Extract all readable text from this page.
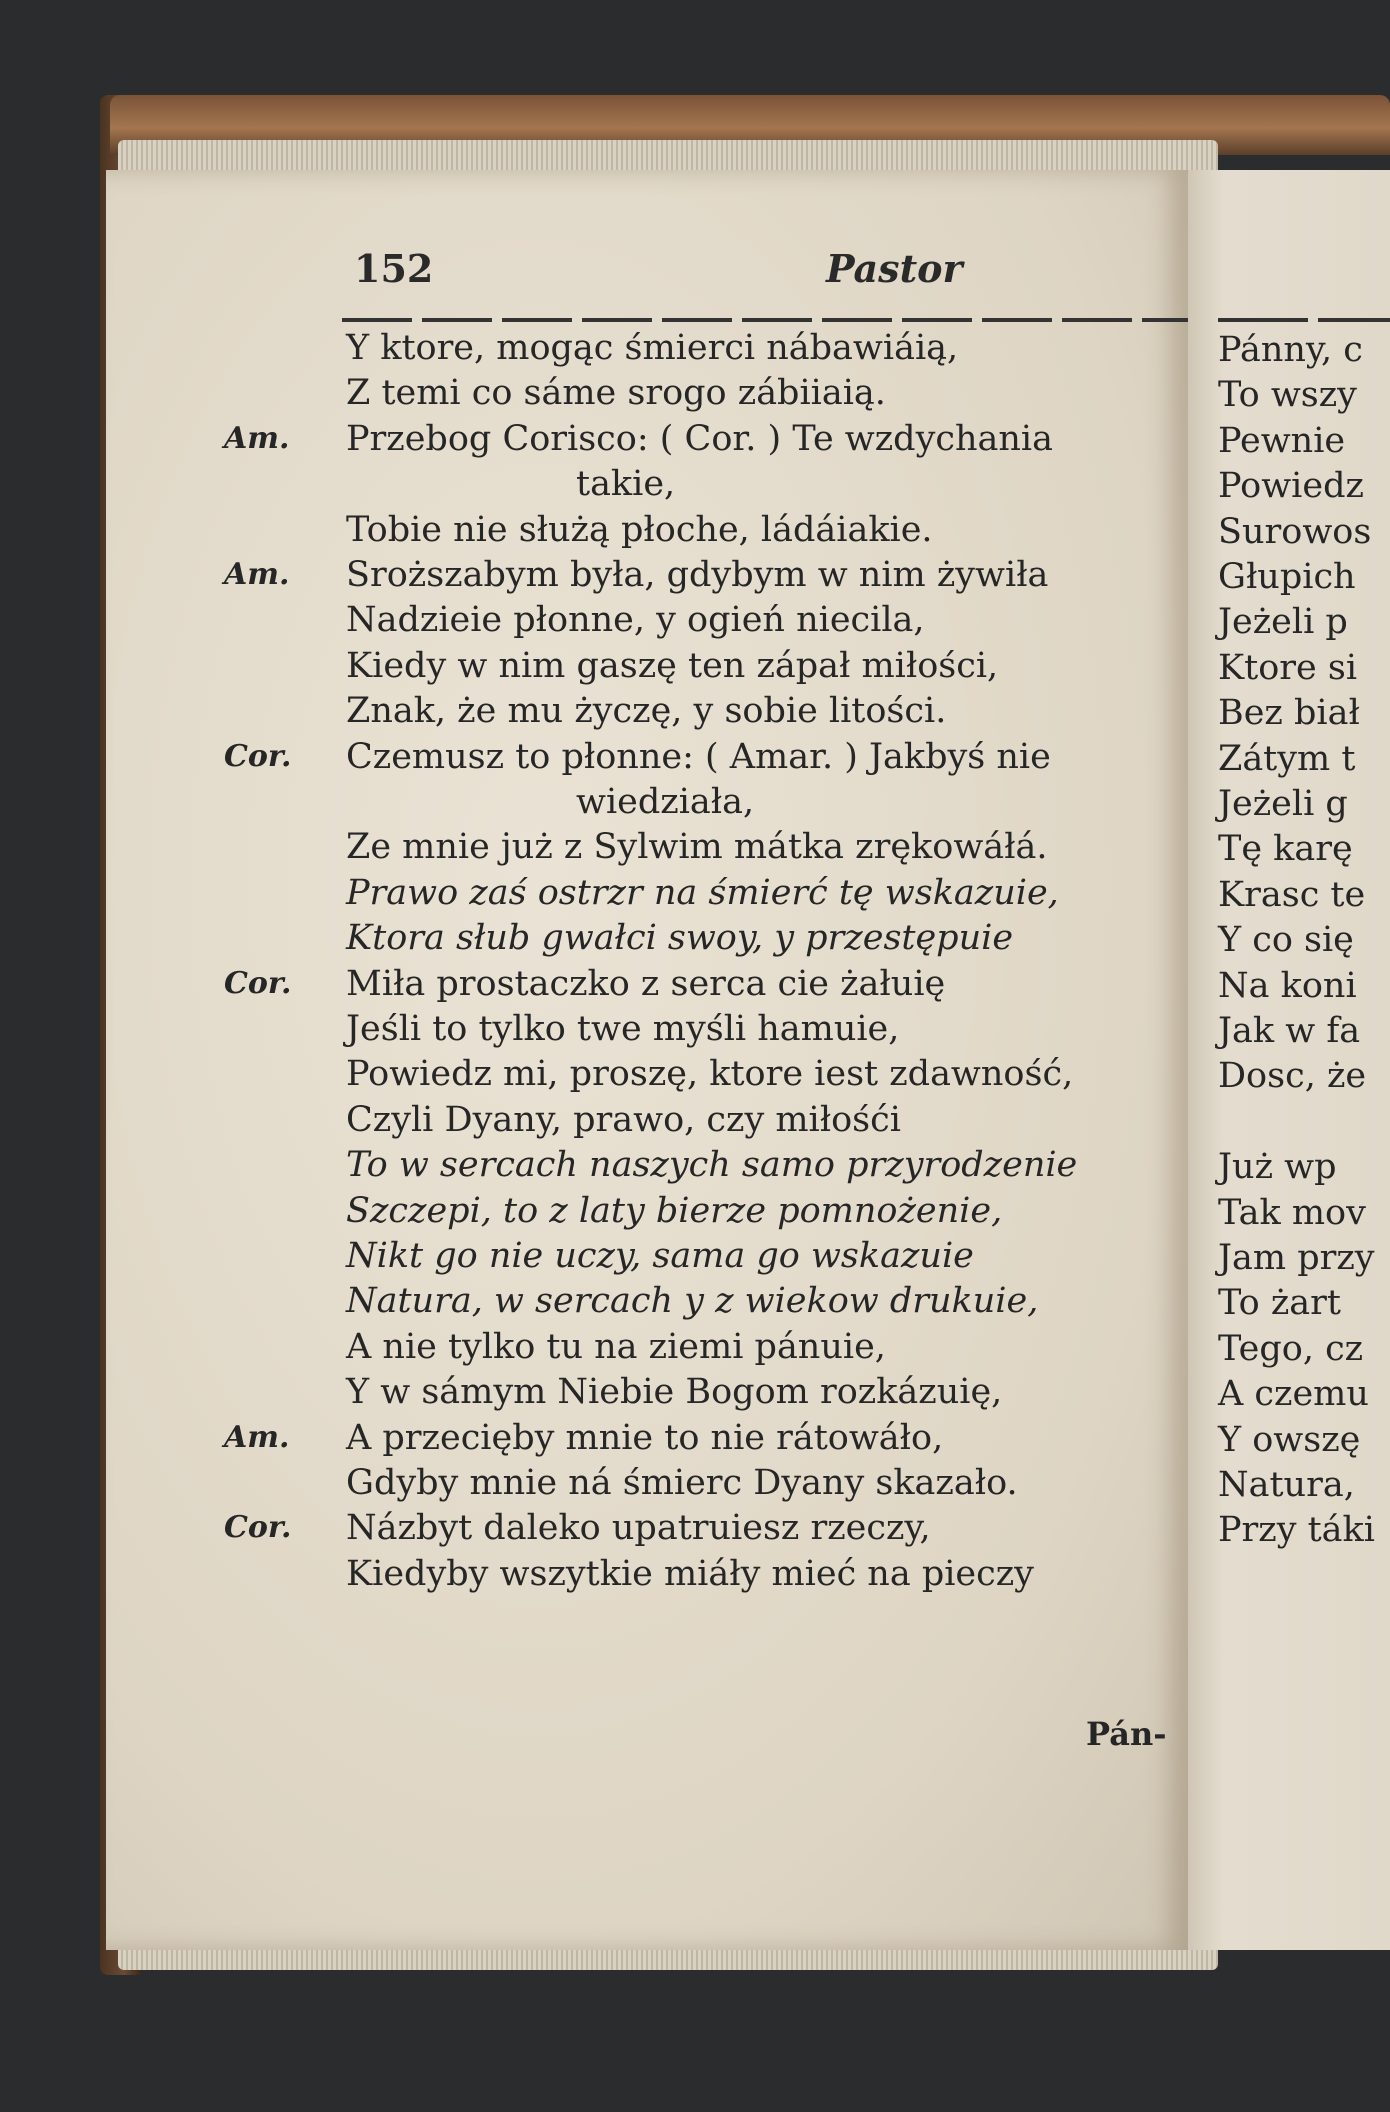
152	Pastor
Y ktore, mogąc śmierci nábawiáią,
Z temi co sáme srogo zábiiaią.
Am. Przebog Corisco: ( Cor. ) Te wzdychania
takie,
Tobie nie służą płoche, ládáiakie.
Am. Sroższabym była, gdybym w nim żywiła
Nadzieie płonne, y ogień niecila,
Kiedy w nim gaszę ten zápał miłości,
Znak, że mu życzę, y sobie litości.
Cor. Czemusz to płonne: ( Amar. ) Jakbyś nie
wiedziała,
Ze mnie już z Sylwim mátka zrękowáłá.
Prawo zaś ostrzr na śmierć tę wskazuie,
Ktora słub gwałci swoy, y przestępuie
Cor. Miła prostaczko z serca cie żałuię
Jeśli to tylko twe myśli hamuie,
Powiedz mi, proszę, ktore iest zdawność,
Czyli Dyany, prawo, czy miłośći
To w sercach naszych samo przyrodzenie
Szczepi, to z laty bierze pomnożenie,
Nikt go nie uczy, sama go wskazuie
Natura, w sercach y z wiekow drukuie,
A nie tylko tu na ziemi pánuie,
Y w sámym Niebie Bogom rozkázuię,
Am. A przecięby mnie to nie rátowáło,
Gdyby mnie ná śmierc Dyany skazało.
Cor. Názbyt daleko upatruiesz rzeczy,
Kiedyby wszytkie miáły mieć na pieczy
Pán-
Pánny, c
To wszy
Pewnie
Powiedz
Surowos
Głupich
Jeżeli p
Ktore si
Bez biał
Zátym t
Jeżeli g
Tę karę
Krasc te
Y co się
Na koni
Jak w fa
Dosc, że
Już wp
Tak mov
Jam przy
To żart
Tego, cz
A czemu
Y owszę
Natura,
Przy táki
